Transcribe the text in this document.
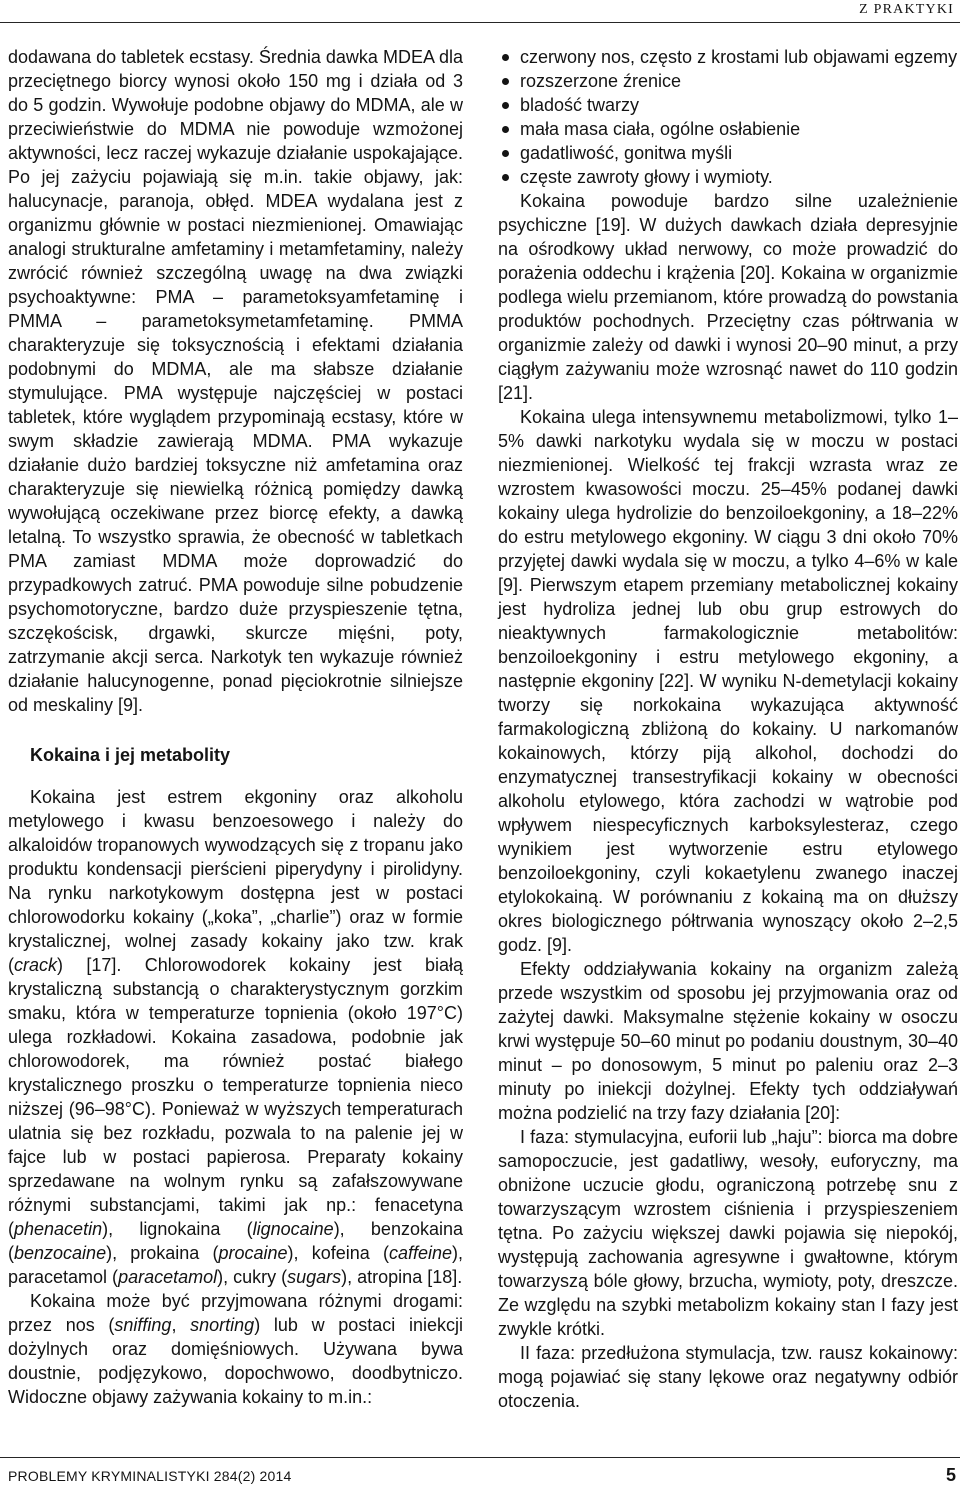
Z PRAKTYKI

dodawana do tabletek ecstasy. Średnia dawka MDEA dla przeciętnego biorcy wynosi około 150 mg i działa od 3 do 5 godzin. Wywołuje podobne objawy do MDMA, ale w przeciwieństwie do MDMA nie powoduje wzmożonej aktywności, lecz raczej wykazuje działanie uspokajające. Po jej zażyciu pojawiają się m.in. takie objawy, jak: halucynacje, paranoja, obłęd. MDEA wydalana jest z organizmu głównie w postaci niezmienionej. Omawiając analogi strukturalne amfetaminy i metamfetaminy, należy zwrócić również szczególną uwagę na dwa związki psychoaktywne: PMA – parametoksyamfetaminę i PMMA – parametoksymetamfetaminę. PMMA charakteryzuje się toksycznością i efektami działania podobnymi do MDMA, ale ma słabsze działanie stymulujące. PMA występuje najczęściej w postaci tabletek, które wyglądem przypominają ecstasy, które w swym składzie zawierają MDMA. PMA wykazuje działanie dużo bardziej toksyczne niż amfetamina oraz charakteryzuje się niewielką różnicą pomiędzy dawką wywołującą oczekiwane przez biorcę efekty, a dawką letalną. To wszystko sprawia, że obecność w tabletkach PMA zamiast MDMA może doprowadzić do przypadkowych zatruć. PMA powoduje silne pobudzenie psychomotoryczne, bardzo duże przyspieszenie tętna, szczękościsk, drgawki, skurcze mięśni, poty, zatrzymanie akcji serca. Narkotyk ten wykazuje również działanie halucynogenne, ponad pięciokrotnie silniejsze od meskaliny [9].

Kokaina i jej metabolity

Kokaina jest estrem ekgoniny oraz alkoholu metylowego i kwasu benzoesowego i należy do alkaloidów tropanowych wywodzących się z tropanu jako produktu kondensacji pierścieni piperydyny i pirolidyny. Na rynku narkotykowym dostępna jest w postaci chlorowodorku kokainy („koka”, „charlie”) oraz w formie krystalicznej, wolnej zasady kokainy jako tzw. krak (crack) [17]. Chlorowodorek kokainy jest białą krystaliczną substancją o charakterystycznym gorzkim smaku, która w temperaturze topnienia (około 197°C) ulega rozkładowi. Kokaina zasadowa, podobnie jak chlorowodorek, ma również postać białego krystalicznego proszku o temperaturze topnienia nieco niższej (96–98°C). Ponieważ w wyższych temperaturach ulatnia się bez rozkładu, pozwala to na palenie jej w fajce lub w postaci papierosa. Preparaty kokainy sprzedawane na wolnym rynku są zafałszowywane różnymi substancjami, takimi jak np.: fenacetyna (phenacetin), lignokaina (lignocaine), benzokaina (benzocaine), prokaina (procaine), kofeina (caffeine), paracetamol (paracetamol), cukry (sugars), atropina [18].

Kokaina może być przyjmowana różnymi drogami: przez nos (sniffing, snorting) lub w postaci iniekcji dożylnych oraz domięśniowych. Używana bywa doustnie, podjęzykowo, dopochwowo, doodbytniczo. Widoczne objawy zażywania kokainy to m.in.:

czerwony nos, często z krostami lub objawami egzemy
rozszerzone źrenice
bladość twarzy
mała masa ciała, ogólne osłabienie
gadatliwość, gonitwa myśli
częste zawroty głowy i wymioty.

Kokaina powoduje bardzo silne uzależnienie psychiczne [19]. W dużych dawkach działa depresyjnie na ośrodkowy układ nerwowy, co może prowadzić do porażenia oddechu i krążenia [20]. Kokaina w organizmie podlega wielu przemianom, które prowadzą do powstania produktów pochodnych. Przeciętny czas półtrwania w organizmie zależy od dawki i wynosi 20–90 minut, a przy ciągłym zażywaniu może wzrosnąć nawet do 110 godzin [21].

Kokaina ulega intensywnemu metabolizmowi, tylko 1–5% dawki narkotyku wydala się w moczu w postaci niezmienionej. Wielkość tej frakcji wzrasta wraz ze wzrostem kwasowości moczu. 25–45% podanej dawki kokainy ulega hydrolizie do benzoiloekgoniny, a 18–22% do estru metylowego ekgoniny. W ciągu 3 dni około 70% przyjętej dawki wydala się w moczu, a tylko 4–6% w kale [9]. Pierwszym etapem przemiany metabolicznej kokainy jest hydroliza jednej lub obu grup estrowych do nieaktywnych farmakologicznie metabolitów: benzoiloekgoniny i estru metylowego ekgoniny, a następnie ekgoniny [22]. W wyniku N-demetylacji kokainy tworzy się norkokaina wykazująca aktywność farmakologiczną zbliżoną do kokainy. U narkomanów kokainowych, którzy piją alkohol, dochodzi do enzymatycznej transestryfikacji kokainy w obecności alkoholu etylowego, która zachodzi w wątrobie pod wpływem niespecyficznych karboksylesteraz, czego wynikiem jest wytworzenie estru etylowego benzoiloekgoniny, czyli kokaetylenu zwanego inaczej etylokokainą. W porównaniu z kokainą ma on dłuższy okres biologicznego półtrwania wynoszący około 2–2,5 godz. [9].

Efekty oddziaływania kokainy na organizm zależą przede wszystkim od sposobu jej przyjmowania oraz od zażytej dawki. Maksymalne stężenie kokainy w osoczu krwi występuje 50–60 minut po podaniu doustnym, 30–40 minut – po donosowym, 5 minut po paleniu oraz 2–3 minuty po iniekcji dożylnej. Efekty tych oddziaływań można podzielić na trzy fazy działania [20]:

I faza: stymulacyjna, euforii lub „haju”: biorca ma dobre samopoczucie, jest gadatliwy, wesoły, euforyczny, ma obniżone uczucie głodu, ograniczoną potrzebę snu z towarzyszącym wzrostem ciśnienia i przyspieszeniem tętna. Po zażyciu większej dawki pojawia się niepokój, występują zachowania agresywne i gwałtowne, którym towarzyszą bóle głowy, brzucha, wymioty, poty, dreszcze. Ze względu na szybki metabolizm kokainy stan I fazy jest zwykle krótki.

II faza: przedłużona stymulacja, tzw. rausz kokainowy: mogą pojawiać się stany lękowe oraz negatywny odbiór otoczenia.

PROBLEMY KRYMINALISTYKI 284(2) 2014	5
